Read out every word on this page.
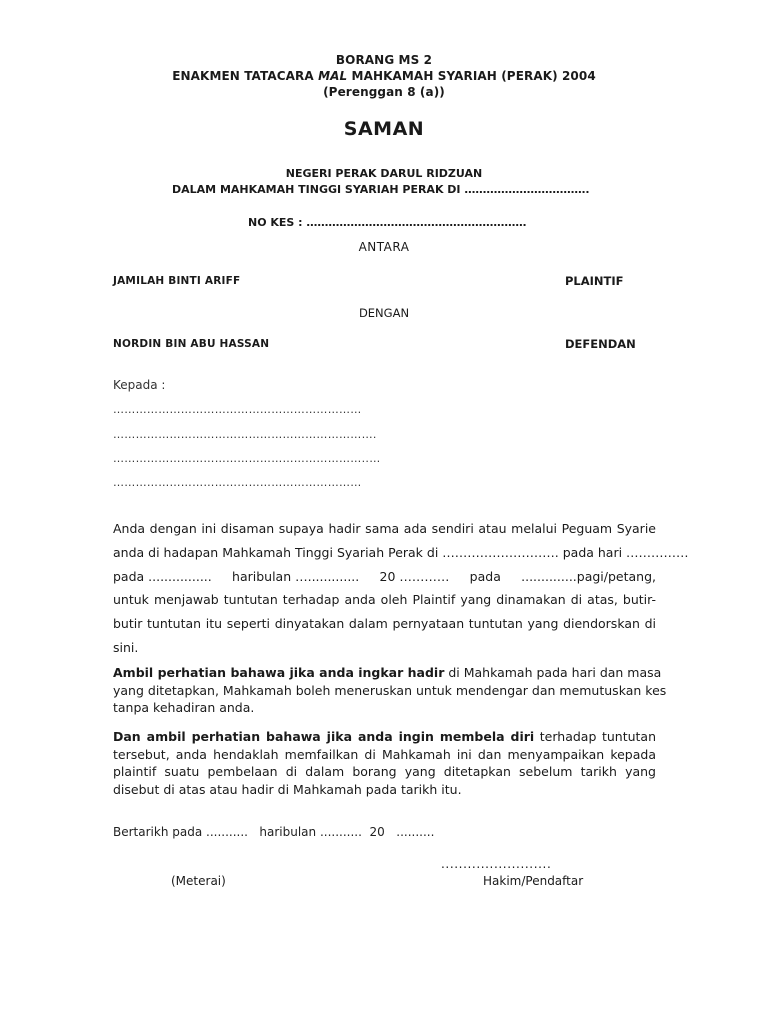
BORANG MS 2
ENAKMEN TATACARA MAL MAHKAMAH SYARIAH (PERAK) 2004
(Perenggan 8 (a))
SAMAN
NEGERI PERAK DARUL RIDZUAN
DALAM MAHKAMAH TINGGI SYARIAH PERAK DI …………………………….
NO KES : ……………………………………………………
ANTARA
JAMILAH BINTI ARIFF	PLAINTIF
DENGAN
NORDIN BIN ABU HASSAN	DEFENDAN
Kepada :
…………………………………………………………
…………………………………………………………….
…………………………………………………………..…
…………………………………………………………
Anda dengan ini disaman supaya hadir sama ada sendiri atau melalui Peguam Syarie
anda di hadapan Mahkamah Tinggi Syariah Perak di ………………………. pada hari ……………
pada ................ haribulan …............. 20 ………… pada ..............pagi/petang,
untuk menjawab tuntutan terhadap anda oleh Plaintif yang dinamakan di atas, butir-
butir tuntutan itu seperti dinyatakan dalam pernyataan tuntutan yang diendorskan di
sini.
Ambil perhatian bahawa jika anda ingkar hadir di Mahkamah pada hari dan masa
yang ditetapkan, Mahkamah boleh meneruskan untuk mendengar dan memutuskan kes
tanpa kehadiran anda.
Dan ambil perhatian bahawa jika anda ingin membela diri terhadap tuntutan
tersebut, anda hendaklah memfailkan di Mahkamah ini dan menyampaikan kepada
plaintif suatu pembelaan di dalam borang yang ditetapkan sebelum tarikh yang
disebut di atas atau hadir di Mahkamah pada tarikh itu.
Bertarikh pada ...........   haribulan ...........  20   ..........
.........................
(Meterai)	Hakim/Pendaftar
